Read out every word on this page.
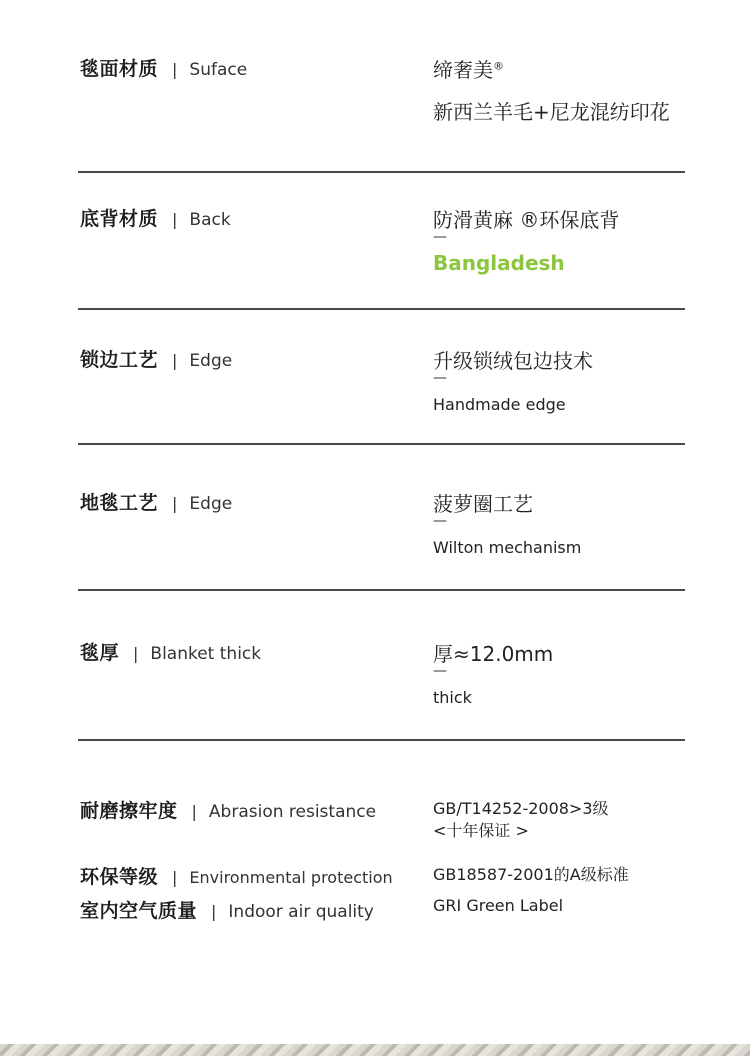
毯面材质 | Suface	缔奢美®
新西兰羊毛+尼龙混纺印花
底背材质 | Back	防滑黄麻 ®环保底背
—
Bangladesh
锁边工艺 | Edge	升级锁绒包边技术
—
Handmade edge
地毯工艺 | Edge	菠萝圈工艺
—
Wilton mechanism
毯厚 | Blanket thick	厚≈12.0mm
—
thick
耐磨擦牢度 | Abrasion resistance	GB/T14252-2008>3级
<十年保证 >
环保等级 | Environmental protection	GB18587-2001的A级标准
室内空气质量 | Indoor air quality	GRI Green Label
